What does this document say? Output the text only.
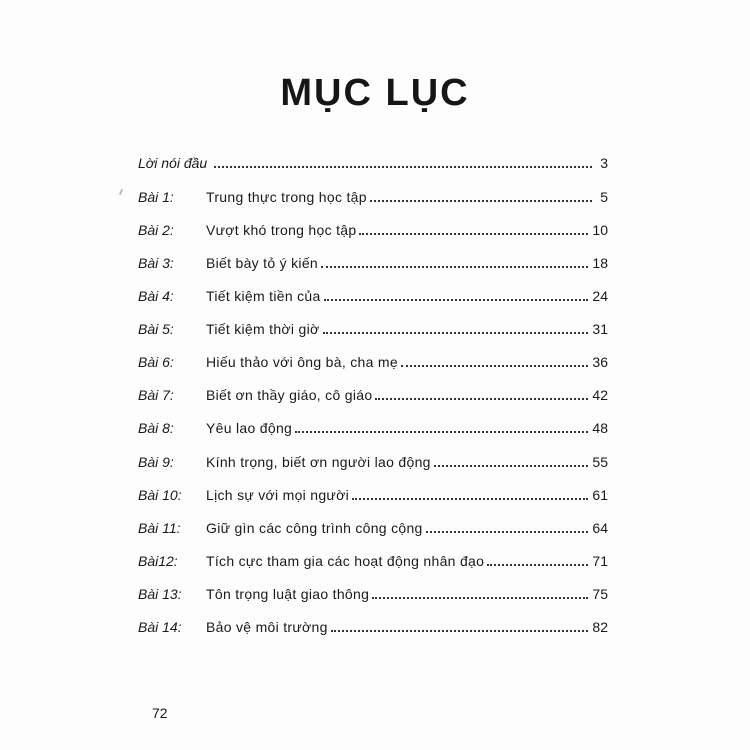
MỤC LỤC
Lời nói đầu	3
Bài 1:	Trung thực trong học tập	5
Bài 2:	Vượt khó trong học tập	10
Bài 3:	Biết bày tỏ ý kiến	18
Bài 4:	Tiết kiệm tiền của	24
Bài 5:	Tiết kiệm thời giờ	31
Bài 6:	Hiếu thảo với ông bà, cha mẹ	36
Bài 7:	Biết ơn thầy giáo, cô giáo	42
Bài 8:	Yêu lao động	48
Bài 9:	Kính trọng, biết ơn người lao động	55
Bài 10:	Lịch sự với mọi người	61
Bài 11:	Giữ gìn các công trình công cộng	64
Bài12:	Tích cực tham gia các hoạt động nhân đạo	71
Bài 13:	Tôn trọng luật giao thông	75
Bài 14:	Bảo vệ môi trường	82
72
